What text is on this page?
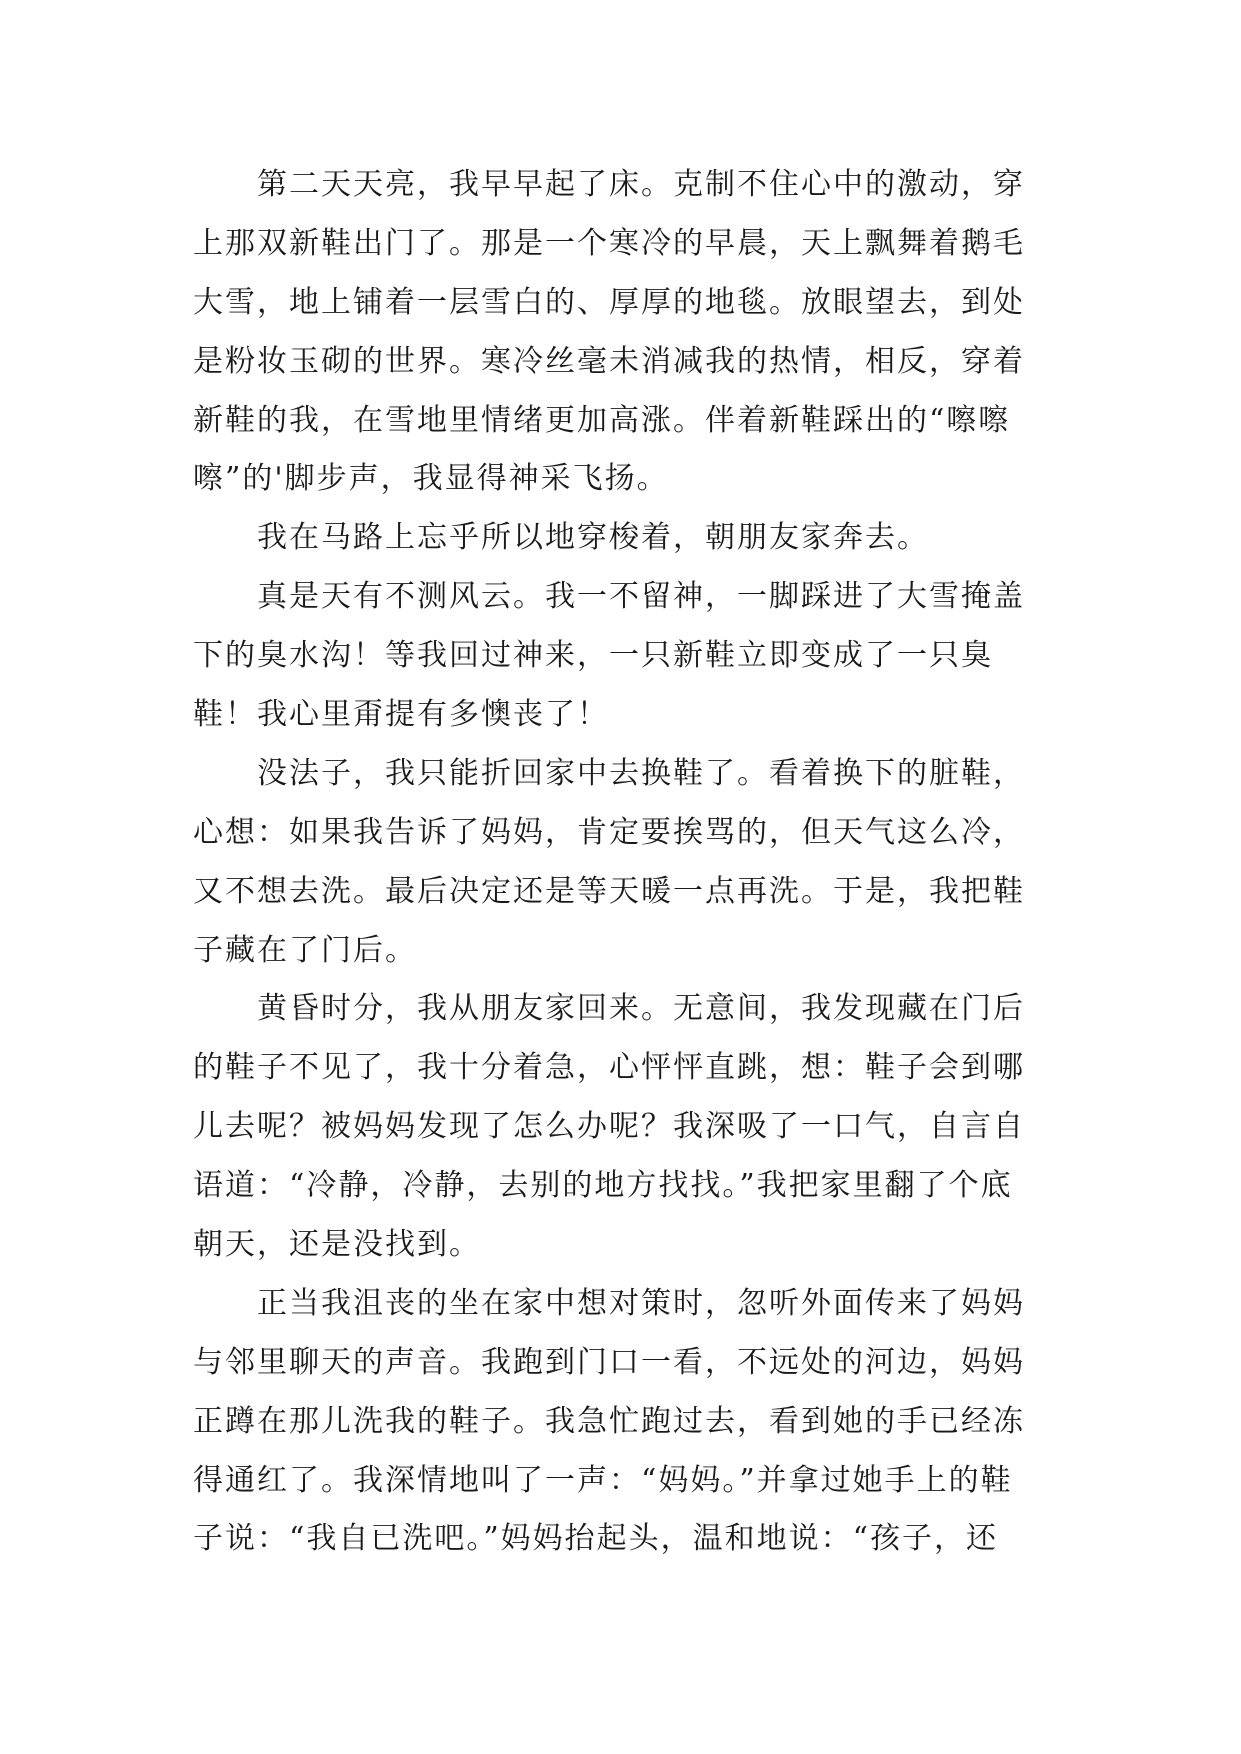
第二天天亮，我早早起了床。克制不住心中的激动，穿
上那双新鞋出门了。那是一个寒冷的早晨，天上飘舞着鹅毛
大雪，地上铺着一层雪白的、厚厚的地毯。放眼望去，到处
是粉妆玉砌的世界。寒冷丝毫未消减我的热情，相反，穿着
新鞋的我，在雪地里情绪更加高涨。伴着新鞋踩出的“嚓嚓
嚓”的'脚步声，我显得神采飞扬。
我在马路上忘乎所以地穿梭着，朝朋友家奔去。
真是天有不测风云。我一不留神，一脚踩进了大雪掩盖
下的臭水沟！等我回过神来，一只新鞋立即变成了一只臭
鞋！我心里甭提有多懊丧了！
没法子，我只能折回家中去换鞋了。看着换下的脏鞋，
心想：如果我告诉了妈妈，肯定要挨骂的，但天气这么冷，
又不想去洗。最后决定还是等天暖一点再洗。于是，我把鞋
子藏在了门后。
黄昏时分，我从朋友家回来。无意间，我发现藏在门后
的鞋子不见了，我十分着急，心怦怦直跳，想：鞋子会到哪
儿去呢？被妈妈发现了怎么办呢？我深吸了一口气，自言自
语道：“冷静，冷静，去别的地方找找。”我把家里翻了个底
朝天，还是没找到。
正当我沮丧的坐在家中想对策时，忽听外面传来了妈妈
与邻里聊天的声音。我跑到门口一看，不远处的河边，妈妈
正蹲在那儿洗我的鞋子。我急忙跑过去，看到她的手已经冻
得通红了。我深情地叫了一声：“妈妈。”并拿过她手上的鞋
子说：“我自已洗吧。”妈妈抬起头，温和地说：“孩子，还
